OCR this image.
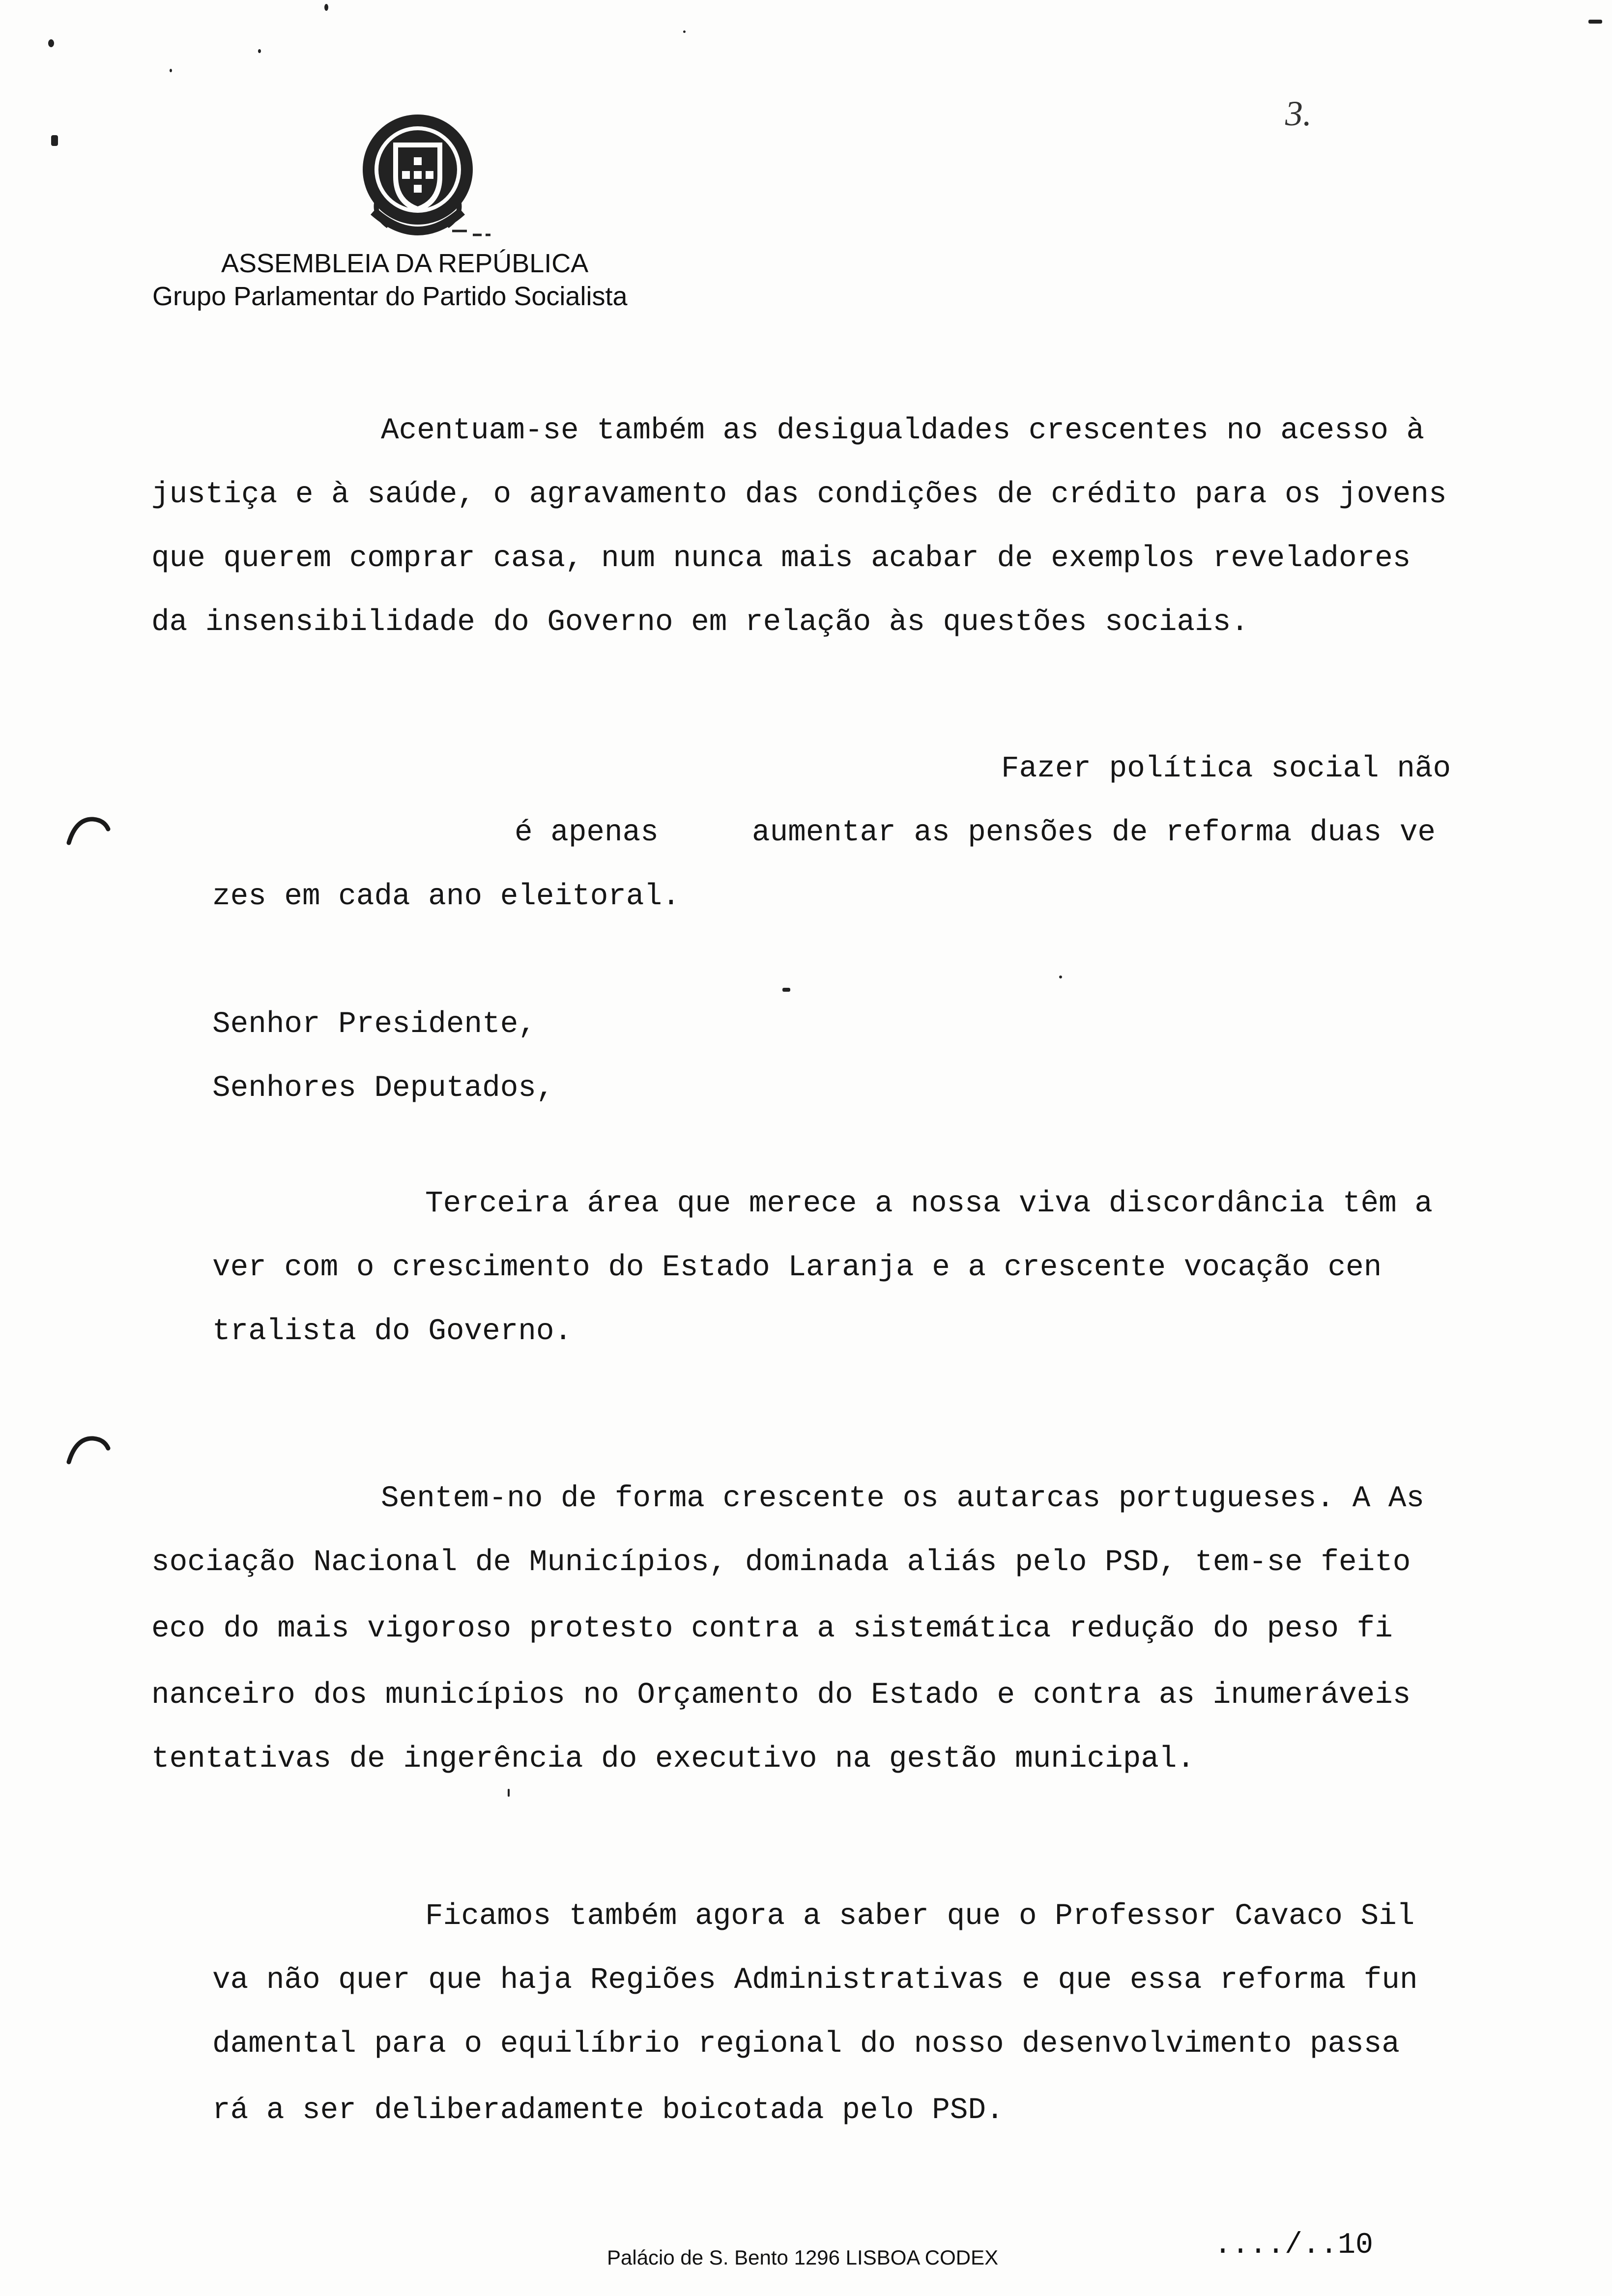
ASSEMBLEIA DA REPÚBLICA
Grupo Parlamentar do Partido Socialista
3.
Acentuam-se também as desigualdades crescentes no acesso à
justiça e à saúde, o agravamento das condições de crédito para os jovens
que querem comprar casa, num nunca mais acabar de exemplos reveladores
da insensibilidade do Governo em relação às questões sociais.
Fazer política social não
é apenas	aumentar as pensões de reforma duas ve
zes em cada ano eleitoral.
Senhor Presidente,
Senhores Deputados,
Terceira área que merece a nossa viva discordância têm a
ver com o crescimento do Estado Laranja e a crescente vocação cen
tralista do Governo.
Sentem-no de forma crescente os autarcas portugueses. A As
sociação Nacional de Municípios, dominada aliás pelo PSD, tem-se feito
eco do mais vigoroso protesto contra a sistemática redução do peso fi
nanceiro dos municípios no Orçamento do Estado e contra as inumeráveis
tentativas de ingerência do executivo na gestão municipal.
Ficamos também agora a saber que o Professor Cavaco Sil
va não quer que haja Regiões Administrativas e que essa reforma fun
damental para o equilíbrio regional do nosso desenvolvimento passa
rá a ser deliberadamente boicotada pelo PSD.
Palácio de S. Bento 1296 LISBOA CODEX	..../..10
